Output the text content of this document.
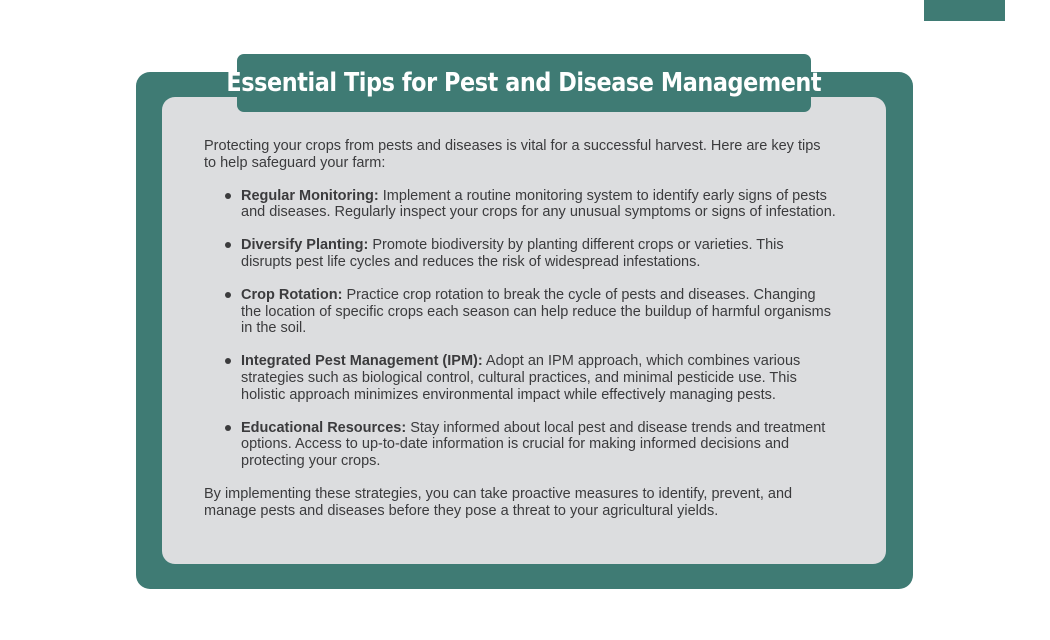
Essential Tips for Pest and Disease Management

Protecting your crops from pests and diseases is vital for a successful harvest. Here are key tips to help safeguard your farm:

Regular Monitoring: Implement a routine monitoring system to identify early signs of pests and diseases. Regularly inspect your crops for any unusual symptoms or signs of infestation.
Diversify Planting: Promote biodiversity by planting different crops or varieties. This disrupts pest life cycles and reduces the risk of widespread infestations.
Crop Rotation: Practice crop rotation to break the cycle of pests and diseases. Changing the location of specific crops each season can help reduce the buildup of harmful organisms in the soil.
Integrated Pest Management (IPM): Adopt an IPM approach, which combines various strategies such as biological control, cultural practices, and minimal pesticide use. This holistic approach minimizes environmental impact while effectively managing pests.
Educational Resources: Stay informed about local pest and disease trends and treatment options. Access to up-to-date information is crucial for making informed decisions and protecting your crops.

By implementing these strategies, you can take proactive measures to identify, prevent, and manage pests and diseases before they pose a threat to your agricultural yields.
